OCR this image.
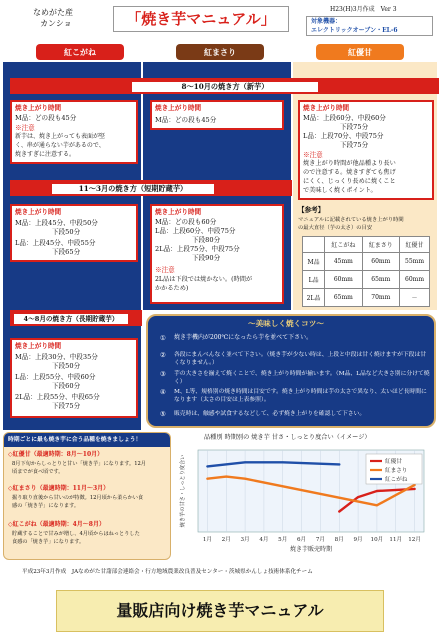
なめがた産
カンショ	「焼き芋マニュアル」
H23(H)3月作成　Ver 3
対象機器：
エレクトリックオーブン・EL-6
紅こがね	紅まさり	紅優甘
8～10月の焼き方（新芋）
焼き上がり時間
M品：どの段も45分
※注意
新芋は、焼き上がっても表面が堅
く、串が通らない芋があるので、
焼きすぎに注意する。
焼き上がり時間
M品：どの段も45分
焼き上がり時間
M品：上段60分、中段60分
下段75分
L品：上段70分、中段75分
下段75分
※注意
焼き上がり時間が他品種より長い
ので注意する。焼きすぎても焦げ
にくく、じっくり長めに焼くこと
で美味しく焼くポイント。
11～3月の焼き方（短期貯蔵芋）
焼き上がり時間
M品：上段45分、中段50分
下段50分
L品：上段45分、中段55分
下段65分
焼き上がり時間
M品：どの段も60分
L品：上段60分、中段75分
下段80分
2L品：上段75分、中段75分
下段90分
※注意
2L品は下段では焼かない。(時間が
かかるため)
【参考】
マニュアルに記載されている焼き上がり時間
の最大直径（芋の太さ）の目安
	紅こがね	紅まさり	紅優甘
M品	45mm	60mm	55mm
L品	60mm	65mm	60mm
2L品	65mm	70mm	－
4～8月の焼き方（長期貯蔵芋）
焼き上がり時間
M品：上段30分、中段35分
下段50分
L品：上段55分、中段60分
下段60分
2L品：上段55分、中段65分
下段75分
～美味しく焼くコツ～
① 焼き芋機内が200℃になったら芋を並べて下さい。
② 各段にまんべんなく並べて下さい。（焼き芋が少ない時は、上段と中段は甘く焼けますが下段は甘くなりません。）
③ 芋の大きさを揃えて焼くことで、焼き上がり時間が揃います。（M品、L品など大きさ別に分けて焼く）
④ M、L等、規格別の焼き時間は目安です。焼き上がり時間は芋の太さで異なり、太いほど長時間になります（太さの目安は上表参照）。
⑤ 販売時は、触感や試食するなどして、必ず焼き上がりを確認して下さい。
時期ごとに最も焼き芋に合う品種を焼きましょう！
◇紅優甘（最適時期：8月～10月）
8月下旬からしっとりと甘い「焼き芋」になります。12月
頃までが食べ頃です。
◇紅まさり（最適時期：11月～3月）
掘り取り直後から甘いのが特徴。12月頃から柔らかい食
感の「焼き芋」になります。
◇紅こがね（最適時期：4月～8月）
貯蔵することで甘みが増し、4月頃からはねっとりした
食感の「焼き芋」になります。
品種別 時期別の 焼き芋 甘さ・しっとり度合い（イメージ）
1月 2月 3月 4月 5月 6月 7月 8月 9月 10月 11月 12月
焼き芋の甘さ・しっとり度合い
焼き芋販売時期
紅優甘
紅まさり
紅こがね
平成23年3月作成　JAなめがた甘藷部会連絡会・行方地域農業改良普及センター・茨城県かんしょ技術体系化チーム
量販店向け焼き芋マニュアル
